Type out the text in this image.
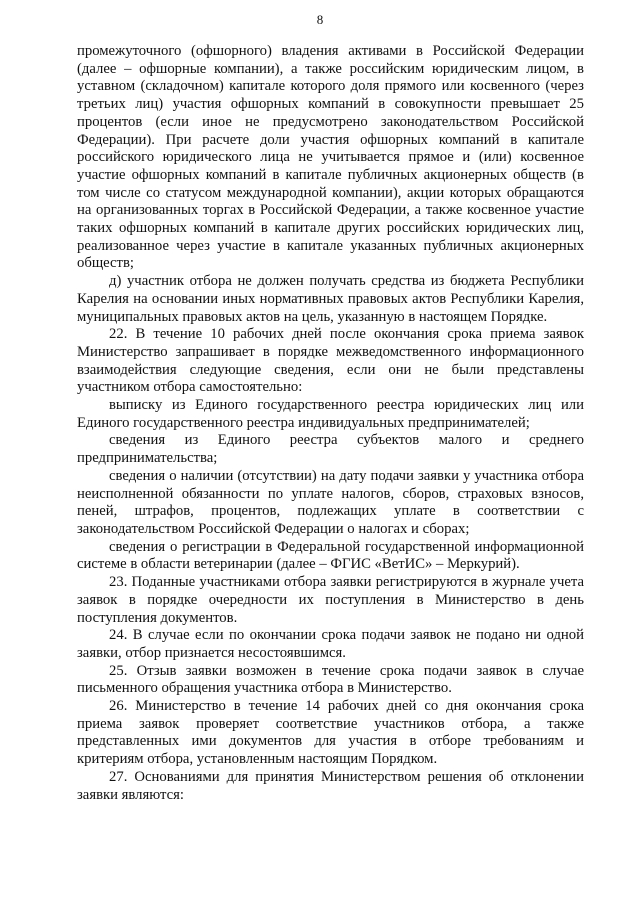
8

промежуточного (офшорного) владения активами в Российской Федерации (далее – офшорные компании), а также российским юридическим лицом, в уставном (складочном) капитале которого доля прямого или косвенного (через третьих лиц) участия офшорных компаний в совокупности превышает 25 процентов (если иное не предусмотрено законодательством Российской Федерации). При расчете доли участия офшорных компаний в капитале российского юридического лица не учитывается прямое и (или) косвенное участие офшорных компаний в капитале публичных акционерных обществ (в том числе со статусом международной компании), акции которых обращаются на организованных торгах в Российской Федерации, а также косвенное участие таких офшорных компаний в капитале других российских юридических лиц, реализованное через участие в капитале указанных публичных акционерных обществ;

д) участник отбора не должен получать средства из бюджета Республики Карелия на основании иных нормативных правовых актов Республики Карелия, муниципальных правовых актов на цель, указанную в настоящем Порядке.

22. В течение 10 рабочих дней после окончания срока приема заявок Министерство запрашивает в порядке межведомственного информационного взаимодействия следующие сведения, если они не были представлены участником отбора самостоятельно:

выписку из Единого государственного реестра юридических лиц или Единого государственного реестра индивидуальных предпринимателей;

сведения из Единого реестра субъектов малого и среднего предпринимательства;

сведения о наличии (отсутствии) на дату подачи заявки у участника отбора неисполненной обязанности по уплате налогов, сборов, страховых взносов, пеней, штрафов, процентов, подлежащих уплате в соответствии с законодательством Российской Федерации о налогах и сборах;

сведения о регистрации в Федеральной государственной информационной системе в области ветеринарии (далее – ФГИС «ВетИС» – Меркурий).

23. Поданные участниками отбора заявки регистрируются в журнале учета заявок в порядке очередности их поступления в Министерство в день поступления документов.

24. В случае если по окончании срока подачи заявок не подано ни одной заявки, отбор признается несостоявшимся.

25. Отзыв заявки возможен в течение срока подачи заявок в случае письменного обращения участника отбора в Министерство.

26. Министерство в течение 14 рабочих дней со дня окончания срока приема заявок проверяет соответствие участников отбора, а также представленных ими документов для участия в отборе требованиям и критериям отбора, установленным настоящим Порядком.

27. Основаниями для принятия Министерством решения об отклонении заявки являются:
